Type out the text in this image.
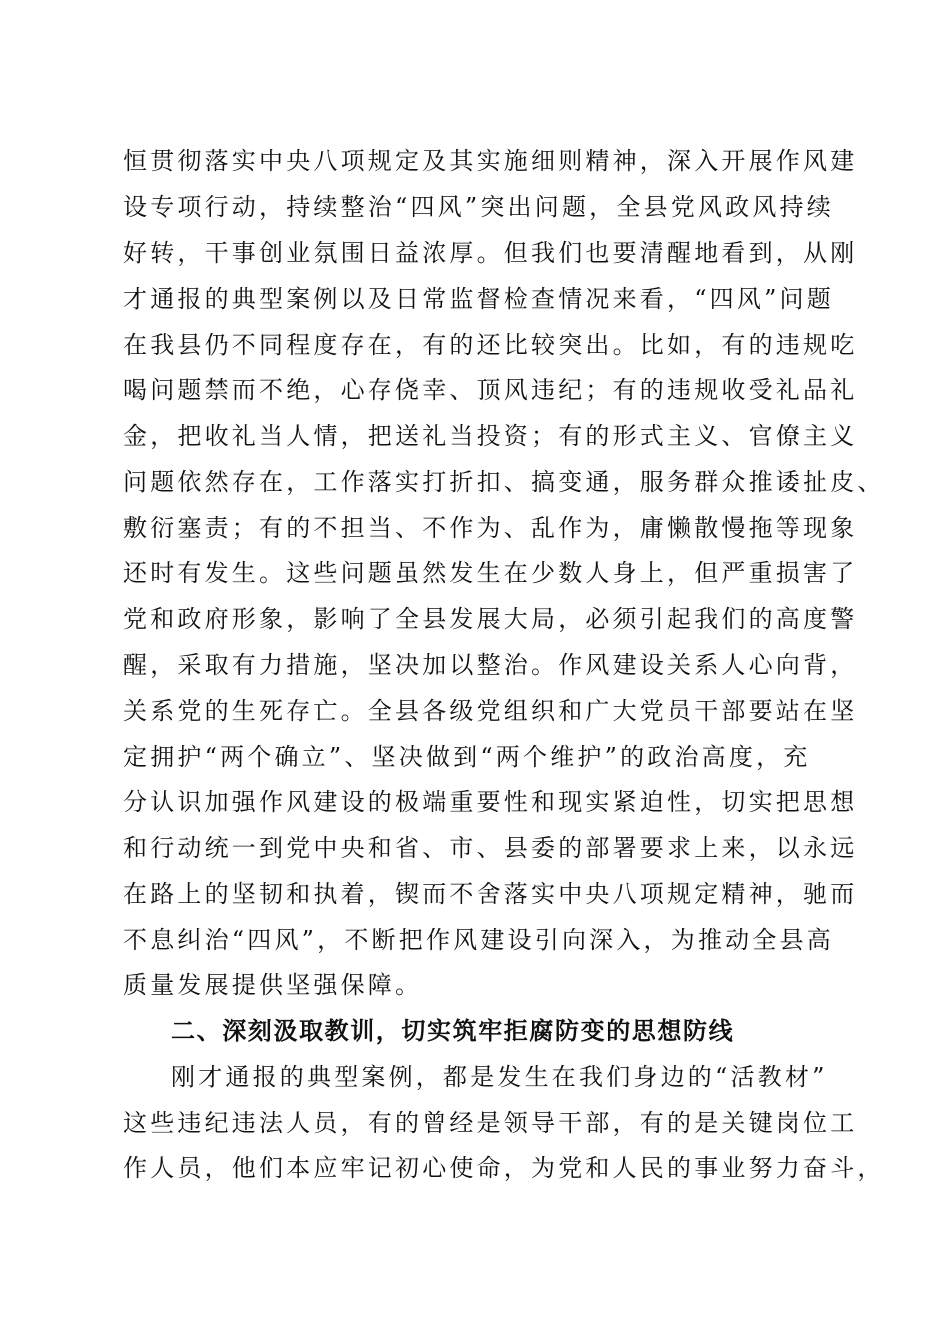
恒贯彻落实中央八项规定及其实施细则精神，深入开展作风建
设专项行动，持续整治“四风”突出问题，全县党风政风持续
好转，干事创业氛围日益浓厚。但我们也要清醒地看到，从刚
才通报的典型案例以及日常监督检查情况来看，“四风”问题
在我县仍不同程度存在，有的还比较突出。比如，有的违规吃
喝问题禁而不绝，心存侥幸、顶风违纪；有的违规收受礼品礼
金，把收礼当人情，把送礼当投资；有的形式主义、官僚主义
问题依然存在，工作落实打折扣、搞变通，服务群众推诿扯皮、
敷衍塞责；有的不担当、不作为、乱作为，庸懒散慢拖等现象
还时有发生。这些问题虽然发生在少数人身上，但严重损害了
党和政府形象，影响了全县发展大局，必须引起我们的高度警
醒，采取有力措施，坚决加以整治。作风建设关系人心向背，
关系党的生死存亡。全县各级党组织和广大党员干部要站在坚
定拥护“两个确立”、坚决做到“两个维护”的政治高度，充
分认识加强作风建设的极端重要性和现实紧迫性，切实把思想
和行动统一到党中央和省、市、县委的部署要求上来，以永远
在路上的坚韧和执着，锲而不舍落实中央八项规定精神，驰而
不息纠治“四风”，不断把作风建设引向深入，为推动全县高
质量发展提供坚强保障。
二、深刻汲取教训，切实筑牢拒腐防变的思想防线
刚才通报的典型案例，都是发生在我们身边的“活教材”
这些违纪违法人员，有的曾经是领导干部，有的是关键岗位工
作人员，他们本应牢记初心使命，为党和人民的事业努力奋斗，
